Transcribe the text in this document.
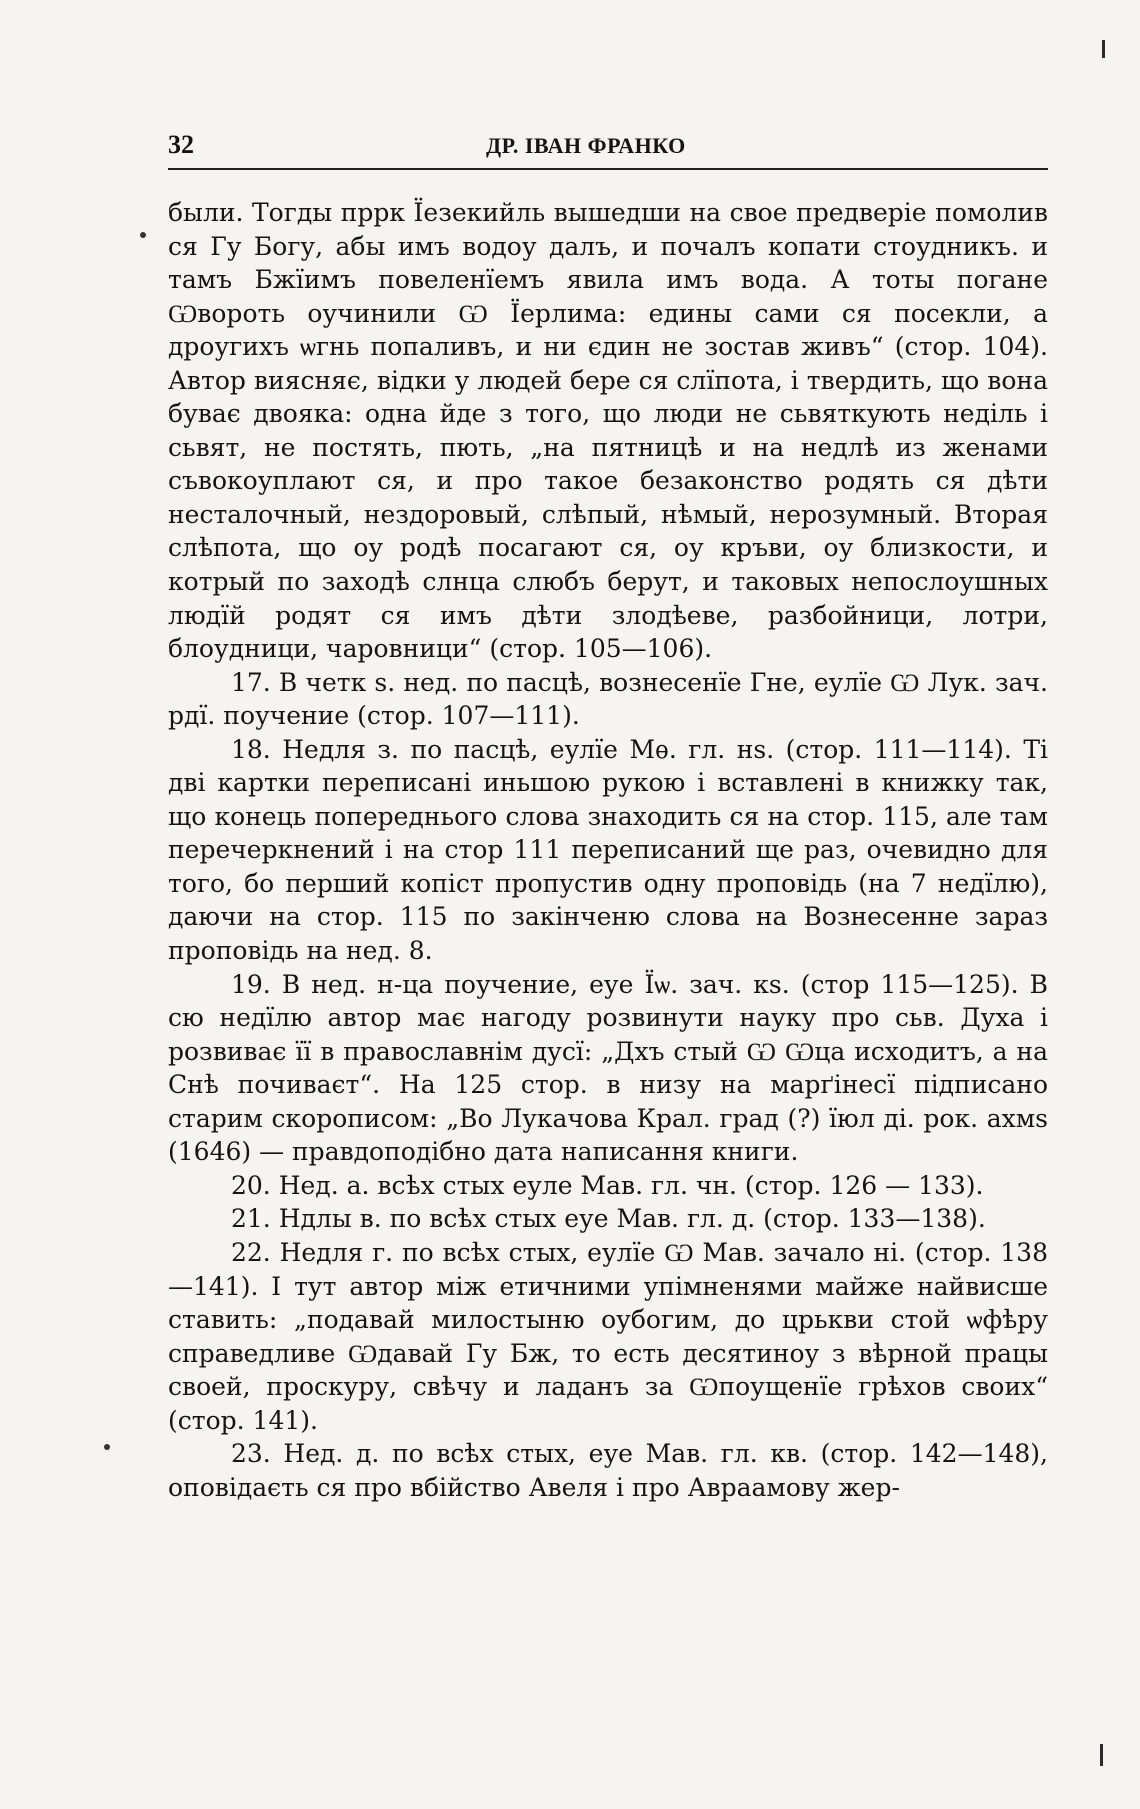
32	ДР. ІВАН ФРАНКО

были. Тогды пррк Їезекийль вышедши на свое предверіе помолив ся Гу Богу, абы имъ водоу далъ, и почалъ копати стоудникъ. и тамъ Бжїимъ повеленїемъ явила имъ вода. А тоты погане Ѡвороть оучинили Ѡ Їерлима: едины сами ся посекли, а дроугихъ ѡгнь попаливъ, и ни єдин не зостав живъ“ (стор. 104). Автор виясняє, відки у людей бере ся слїпота, і твердить, що вона буває двояка: одна йде з того, що люди не сьвяткують неділь і сьвят, не постять, пють, „на пятницѣ и на недлѣ из женами съвокоуплают ся, и про такое безаконство родять ся дѣти несталочный, нездоровый, слѣпый, нѣмый, нерозумный. Вторая слѣпота, що оу родѣ посагают ся, оу кръви, оу близкости, и котрый по заходѣ слнца слюбъ берут, и таковых непослоушных людїй родят ся имъ дѣти злодѣеве, разбойници, лотри, блоудници, чаровници“ (стор. 105—106).

17. В четк ѕ. нед. по пасцѣ, вознесенїе Гне, еулїе Ѡ Лук. зач. рдї. поучение (стор. 107—111).

18. Недля з. по пасцѣ, еулїе Мѳ. гл. нѕ. (стор. 111—114). Ті дві картки переписані иньшою рукою і вставлені в книжку так, що конець попереднього слова знаходить ся на стор. 115, але там перечеркнений і на стор 111 переписаний ще раз, очевидно для того, бо перший копіст пропустив одну проповідь (на 7 недїлю), даючи на стор. 115 по закінченю слова на Вознесенне зараз проповідь на нед. 8.

19. В нед. н-ца поучение, еуе Їѡ. зач. кѕ. (стор 115—125). В сю недїлю автор має нагоду розвинути науку про сьв. Духа і розвиває її в православнім дусї: „Дхъ стый Ѡ Ѡца исходитъ, а на Снѣ почиваєт“. На 125 стор. в низу на марґінесї підписано старим скорописом: „Во Лукачова Крал. град (?) їюл ді. рок. ахмѕ (1646) — правдоподібно дата написання книги.

20. Нед. а. всѣх стых еуле Мав. гл. чн. (стор. 126 — 133).

21. Ндлы в. по всѣх стых еуе Мав. гл. д. (стор. 133—138).

22. Недля г. по всѣх стых, еулїе Ѡ Мав. зачало ні. (стор. 138—141). І тут автор між етичними упімненями майже найвисше ставить: „подавай милостыню оубогим, до црькви стой ѡфѣру справедливе Ѡдавай Гу Бж, то есть десятиноу з вѣрной працы своей, проскуру, свѣчу и ладанъ за Ѡпоущенїе грѣхов своих“ (стор. 141).

23. Нед. д. по всѣх стых, еуе Мав. гл. кв. (стор. 142—148), оповідаєть ся про вбійство Авеля і про Авраамову жер-
